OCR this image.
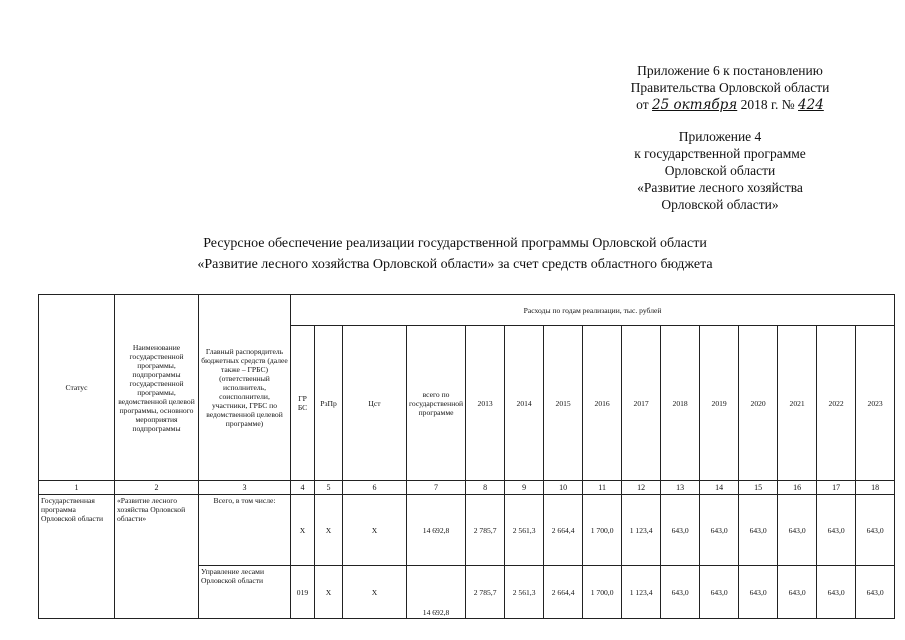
Приложение 6 к постановлению
Правительства Орловской области
от 25 октября 2018 г. № 424
Приложение 4
к государственной программе
Орловской области
«Развитие лесного хозяйства
Орловской области»
Ресурсное обеспечение реализации государственной программы Орловской области
«Развитие лесного хозяйства Орловской области» за счет средств областного бюджета
Статус	Наименование государственной программы, подпрограммы государственной программы, ведомственной целевой программы, основного мероприятия подпрограммы	Главный распорядитель бюджетных средств (далее также – ГРБС) (ответственный исполнитель, соисполнители, участники, ГРБС по ведомственной целевой программе)	Расходы по годам реализации, тыс. рублей														
			ГР БС	РзПр	Цст	всего по государственной программе	2013	2014	2015	2016	2017	2018	2019	2020	2021	2022	2023
1	2	3	4	5	6	7	8	9	10	11	12	13	14	15	16	17	18
Государственная программа Орловской области	«Развитие лесного хозяйства Орловской области»	Всего, в том числе:	Х	Х	Х	14 692,8	2 785,7	2 561,3	2 664,4	1 700,0	1 123,4	643,0	643,0	643,0	643,0	643,0	643,0
		Управление лесами Орловской области	019	Х	Х	14 692,8	2 785,7	2 561,3	2 664,4	1 700,0	1 123,4	643,0	643,0	643,0	643,0	643,0	643,0
